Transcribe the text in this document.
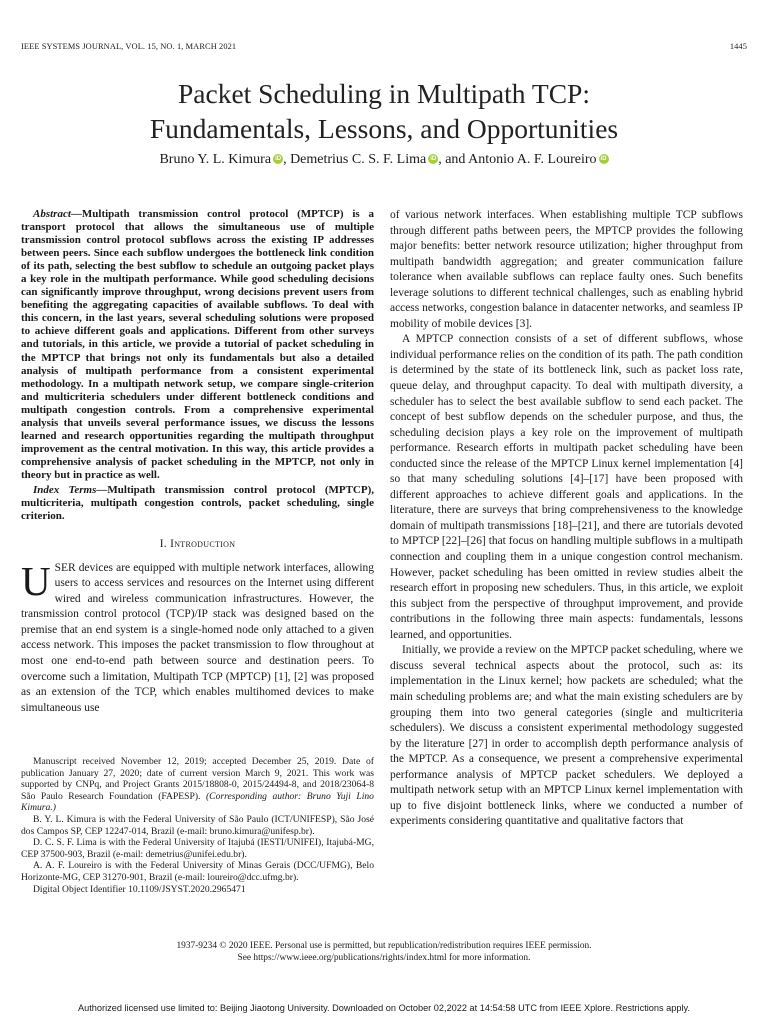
IEEE SYSTEMS JOURNAL, VOL. 15, NO. 1, MARCH 2021	1445
Packet Scheduling in Multipath TCP:
Fundamentals, Lessons, and Opportunities
Bruno Y. L. Kimura iD , Demetrius C. S. F. Lima iD , and Antonio A. F. Loureiro iD

Abstract—Multipath transmission control protocol (MPTCP) is a transport protocol that allows the simultaneous use of multiple transmission control protocol subflows across the existing IP addresses between peers. Since each subflow undergoes the bottleneck link condition of its path, selecting the best subflow to schedule an outgoing packet plays a key role in the multipath performance. While good scheduling decisions can significantly improve throughput, wrong decisions prevent users from benefiting the aggregating capacities of available subflows. To deal with this concern, in the last years, several scheduling solutions were proposed to achieve different goals and applications. Different from other surveys and tutorials, in this article, we provide a tutorial of packet scheduling in the MPTCP that brings not only its fundamentals but also a detailed analysis of multipath performance from a consistent experimental methodology. In a multipath network setup, we compare single-criterion and multicriteria schedulers under different bottleneck conditions and multipath congestion controls. From a comprehensive experimental analysis that unveils several performance issues, we discuss the lessons learned and research opportunities regarding the multipath throughput improvement as the central motivation. In this way, this article provides a comprehensive analysis of packet scheduling in the MPTCP, not only in theory but in practice as well.

Index Terms—Multipath transmission control protocol (MPTCP), multicriteria, multipath congestion controls, packet scheduling, single criterion.

I. Introduction

USER devices are equipped with multiple network interfaces, allowing users to access services and resources on the Internet using different wired and wireless communication infrastructures. However, the transmission control protocol (TCP)/IP stack was designed based on the premise that an end system is a single-homed node only attached to a given access network. This imposes the packet transmission to flow throughout at most one end-to-end path between source and destination peers. To overcome such a limitation, Multipath TCP (MPTCP) [1], [2] was proposed as an extension of the TCP, which enables multihomed devices to make simultaneous use

Manuscript received November 12, 2019; accepted December 25, 2019. Date of publication January 27, 2020; date of current version March 9, 2021. This work was supported by CNPq, and Project Grants 2015/18808-0, 2015/24494-8, and 2018/23064-8 São Paulo Research Foundation (FAPESP). (Corresponding author: Bruno Yuji Lino Kimura.)

B. Y. L. Kimura is with the Federal University of São Paulo (ICT/UNIFESP), São José dos Campos SP, CEP 12247-014, Brazil (e-mail: bruno.kimura@unifesp.br).

D. C. S. F. Lima is with the Federal University of Itajubá (IESTI/UNIFEI), Itajubá-MG, CEP 37500-903, Brazil (e-mail: demetrius@unifei.edu.br).

A. A. F. Loureiro is with the Federal University of Minas Gerais (DCC/UFMG), Belo Horizonte-MG, CEP 31270-901, Brazil (e-mail: loureiro@dcc.ufmg.br).

Digital Object Identifier 10.1109/JSYST.2020.2965471

of various network interfaces. When establishing multiple TCP subflows through different paths between peers, the MPTCP provides the following major benefits: better network resource utilization; higher throughput from multipath bandwidth aggregation; and greater communication failure tolerance when available subflows can replace faulty ones. Such benefits leverage solutions to different technical challenges, such as enabling hybrid access networks, congestion balance in datacenter networks, and seamless IP mobility of mobile devices [3].

A MPTCP connection consists of a set of different subflows, whose individual performance relies on the condition of its path. The path condition is determined by the state of its bottleneck link, such as packet loss rate, queue delay, and throughput capacity. To deal with multipath diversity, a scheduler has to select the best available subflow to send each packet. The concept of best subflow depends on the scheduler purpose, and thus, the scheduling decision plays a key role on the improvement of multipath performance. Research efforts in multipath packet scheduling have been conducted since the release of the MPTCP Linux kernel implementation [4] so that many scheduling solutions [4]–[17] have been proposed with different approaches to achieve different goals and applications. In the literature, there are surveys that bring comprehensiveness to the knowledge domain of multipath transmissions [18]–[21], and there are tutorials devoted to MPTCP [22]–[26] that focus on handling multiple subflows in a multipath connection and coupling them in a unique congestion control mechanism. However, packet scheduling has been omitted in review studies albeit the research effort in proposing new schedulers. Thus, in this article, we exploit this subject from the perspective of throughput improvement, and provide contributions in the following three main aspects: fundamentals, lessons learned, and opportunities.

Initially, we provide a review on the MPTCP packet scheduling, where we discuss several technical aspects about the protocol, such as: its implementation in the Linux kernel; how packets are scheduled; what the main scheduling problems are; and what the main existing schedulers are by grouping them into two general categories (single and multicriteria schedulers). We discuss a consistent experimental methodology suggested by the literature [27] in order to accomplish depth performance analysis of the MPTCP. As a consequence, we present a comprehensive experimental performance analysis of MPTCP packet schedulers. We deployed a multipath network setup with an MPTCP Linux kernel implementation with up to five disjoint bottleneck links, where we conducted a number of experiments considering quantitative and qualitative factors that

1937-9234 © 2020 IEEE. Personal use is permitted, but republication/redistribution requires IEEE permission.
See https://www.ieee.org/publications/rights/index.html for more information.
Authorized licensed use limited to: Beijing Jiaotong University. Downloaded on October 02,2022 at 14:54:58 UTC from IEEE Xplore. Restrictions apply.
